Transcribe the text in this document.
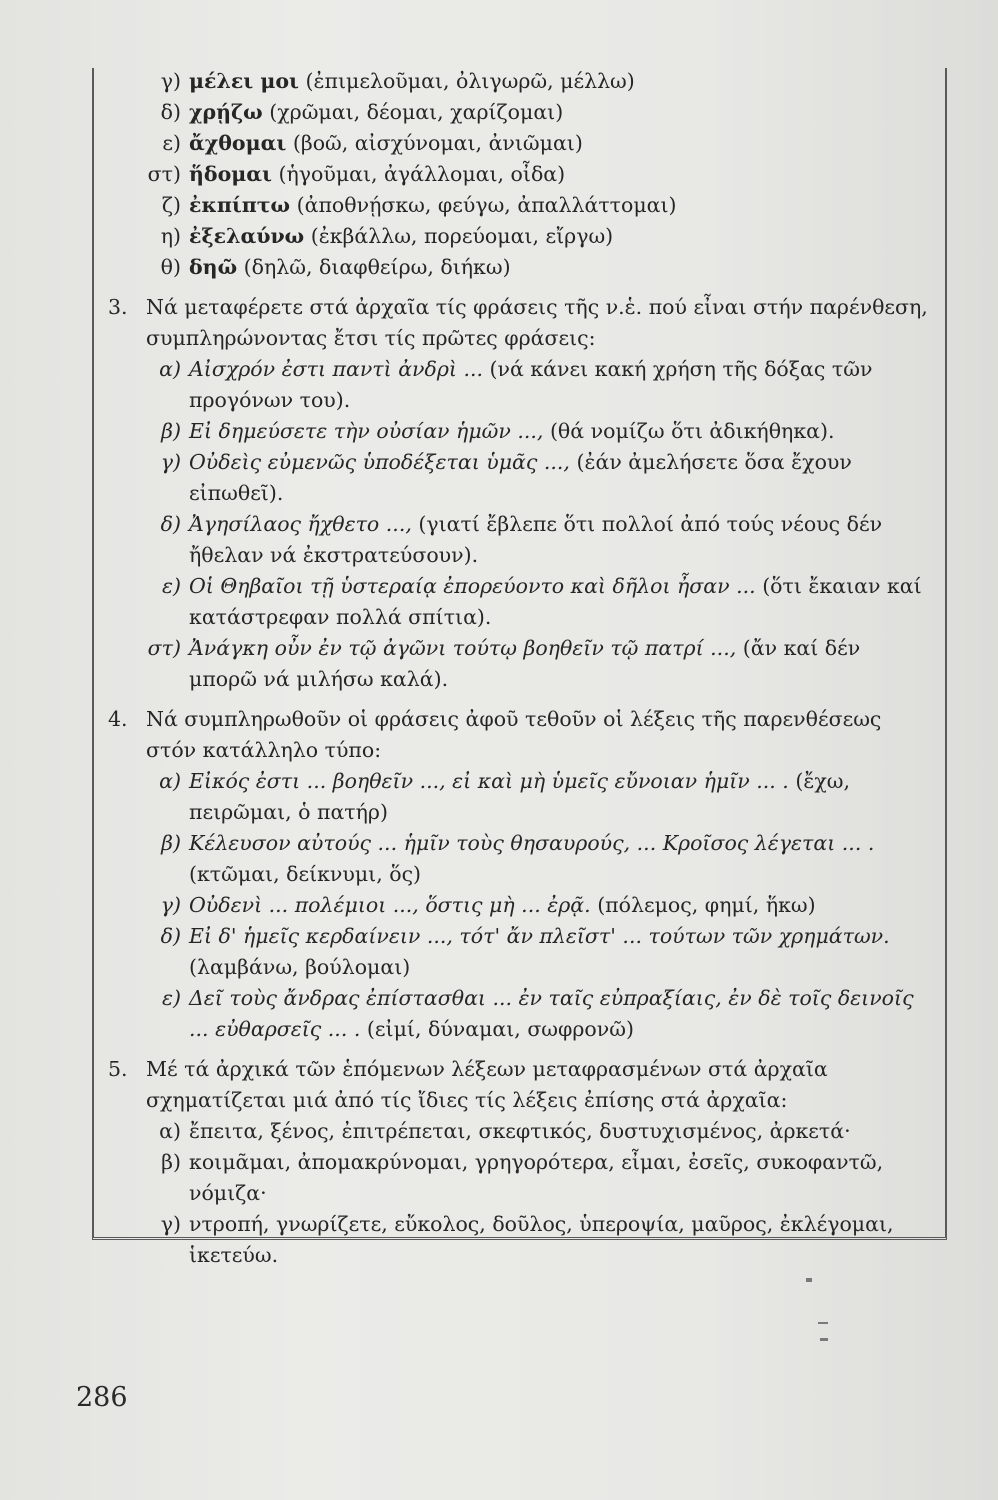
γ) μέλει μοι (ἐπιμελοῦμαι, ὀλιγωρῶ, μέλλω)
δ) χρῄζω (χρῶμαι, δέομαι, χαρίζομαι)
ε) ἄχθομαι (βοῶ, αἰσχύνομαι, ἀνιῶμαι)
στ) ἥδομαι (ἡγοῦμαι, ἀγάλλομαι, οἶδα)
ζ) ἐκπίπτω (ἀποθνῄσκω, φεύγω, ἀπαλλάττομαι)
η) ἐξελαύνω (ἐκβάλλω, πορεύομαι, εἴργω)
θ) δηῶ (δηλῶ, διαφθείρω, διήκω)
3. Νά μεταφέρετε στά ἀρχαῖα τίς φράσεις τῆς ν.ἑ. πού εἶναι στήν παρένθεση, συμπληρώνοντας ἔτσι τίς πρῶτες φράσεις:
α) Αἰσχρόν ἐστι παντὶ ἀνδρὶ ... (νά κάνει κακή χρήση τῆς δόξας τῶν προγόνων του).
β) Εἰ δημεύσετε τὴν οὐσίαν ἡμῶν ..., (θά νομίζω ὅτι ἀδικήθηκα).
γ) Οὐδεὶς εὐμενῶς ὑποδέξεται ὑμᾶς ..., (ἐάν ἀμελήσετε ὅσα ἔχουν εἰπωθεῖ).
δ) Ἀγησίλαος ἤχθετο ..., (γιατί ἔβλεπε ὅτι πολλοί ἀπό τούς νέους δέν ἤθελαν νά ἐκστρατεύσουν).
ε) Οἱ Θηβαῖοι τῇ ὑστεραίᾳ ἐπορεύοντο καὶ δῆλοι ἦσαν ... (ὅτι ἔκαιαν καί κατάστρεφαν πολλά σπίτια).
στ) Ἀνάγκη οὖν ἐν τῷ ἀγῶνι τούτῳ βοηθεῖν τῷ πατρί ..., (ἄν καί δέν μπορῶ νά μιλήσω καλά).
4. Νά συμπληρωθοῦν οἱ φράσεις ἀφοῦ τεθοῦν οἱ λέξεις τῆς παρενθέσεως στόν κατάλληλο τύπο:
α) Εἰκός ἐστι ... βοηθεῖν ..., εἰ καὶ μὴ ὑμεῖς εὔνοιαν ἡμῖν ... . (ἔχω, πειρῶμαι, ὁ πατήρ)
β) Κέλευσον αὐτούς ... ἡμῖν τοὺς θησαυρούς, ... Κροῖσος λέγεται ... . (κτῶμαι, δείκνυμι, ὅς)
γ) Οὐδενὶ ... πολέμιοι ..., ὅστις μὴ ... ἐρᾷ. (πόλεμος, φημί, ἥκω)
δ) Εἰ δ' ἡμεῖς κερδαίνειν ..., τότ' ἄν πλεῖστ' ... τούτων τῶν χρημάτων. (λαμβάνω, βούλομαι)
ε) Δεῖ τοὺς ἄνδρας ἐπίστασθαι ... ἐν ταῖς εὐπραξίαις, ἐν δὲ τοῖς δεινοῖς ... εὐθαρσεῖς ... . (εἰμί, δύναμαι, σωφρονῶ)
5. Μέ τά ἀρχικά τῶν ἑπόμενων λέξεων μεταφρασμένων στά ἀρχαῖα σχηματίζεται μιά ἀπό τίς ἴδιες τίς λέξεις ἐπίσης στά ἀρχαῖα:
α) ἔπειτα, ξένος, ἐπιτρέπεται, σκεφτικός, δυστυχισμένος, ἀρκετά·
β) κοιμᾶμαι, ἀπομακρύνομαι, γρηγορότερα, εἶμαι, ἐσεῖς, συκοφαντῶ, νόμιζα·
γ) ντροπή, γνωρίζετε, εὔκολος, δοῦλος, ὑπεροψία, μαῦρος, ἐκλέγομαι, ἱκετεύω.
286
